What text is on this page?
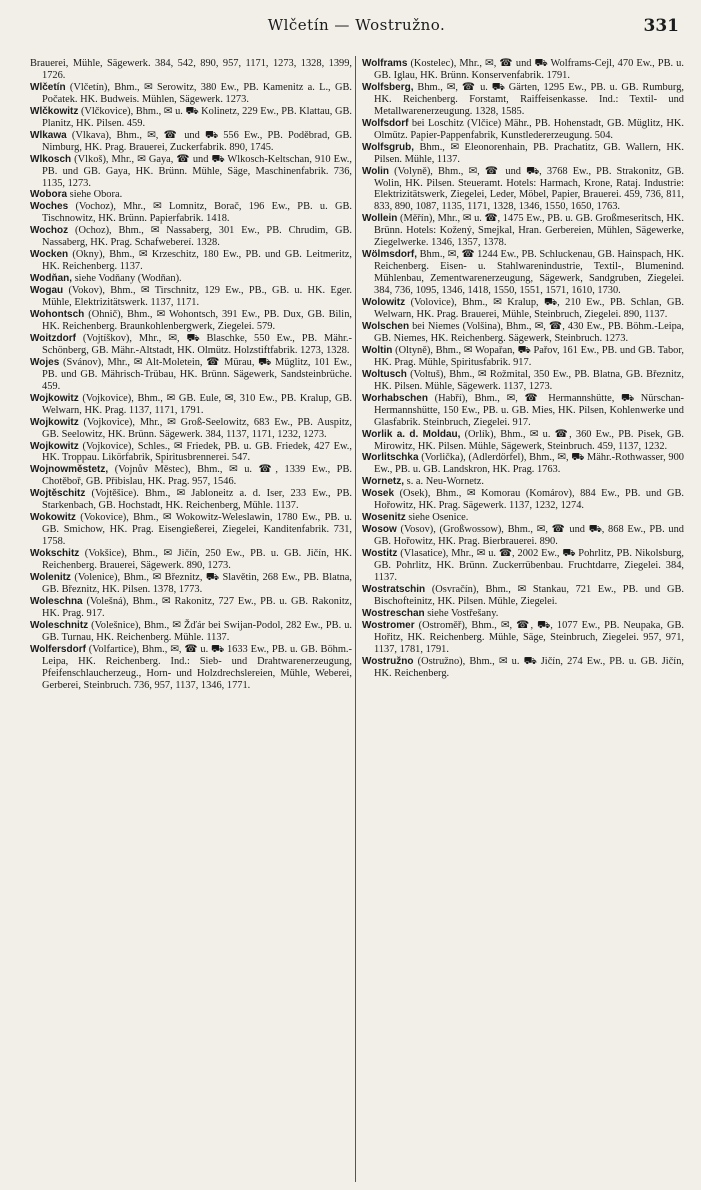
Wlčetín — Wostružno.	331

Brauerei, Mühle, Sägewerk. 384, 542, 890, 957, 1171, 1273, 1328, 1399, 1726.

Wlčetín (Vlčetín), Bhm., ✉ Serowitz, 380 Ew., PB. Kamenitz a. L., GB. Počatek. HK. Budweis. Mühlen, Sägewerk. 1273.

Wlčkowitz (Vlčkovice), Bhm., ✉ u. ⛟ Kolinetz, 229 Ew., PB. Klattau, GB. Planitz, HK. Pilsen. 459.

Wlkawa (Vlkava), Bhm., ✉, ☎ und ⛟ 556 Ew., PB. Poděbrad, GB. Nimburg, HK. Prag. Brauerei, Zuckerfabrik. 890, 1745.

Wlkosch (Vlkoš), Mhr., ✉ Gaya, ☎ und ⛟ Wlkosch-Keltschan, 910 Ew., PB. und GB. Gaya, HK. Brünn. Mühle, Säge, Maschinenfabrik. 736, 1135, 1273.

Wobora siehe Obora.

Woches (Vochoz), Mhr., ✉ Lomnitz, Borač, 196 Ew., PB. u. GB. Tischnowitz, HK. Brünn. Papierfabrik. 1418.

Wochoz (Ochoz), Bhm., ✉ Nassaberg, 301 Ew., PB. Chrudim, GB. Nassaberg, HK. Prag. Schafwebereí. 1328.

Wocken (Okny), Bhm., ✉ Krzeschitz, 180 Ew., PB. und GB. Leitmeritz, HK. Reichenberg. 1137.

Wodňan, siehe Vodňany (Wodňan).

Wogau (Vokov), Bhm., ✉ Tirschnitz, 129 Ew., PB., GB. u. HK. Eger. Mühle, Elektrizitätswerk. 1137, 1171.

Wohontsch (Ohnič), Bhm., ✉ Wohontsch, 391 Ew., PB. Dux, GB. Bilin, HK. Reichenberg. Braunkohlenbergwerk, Ziegelei. 579.

Woitzdorf (Vojtíškov), Mhr., ✉, ⛟ Blaschke, 550 Ew., PB. Mähr.-Schönberg, GB. Mähr.-Altstadt, HK. Olmütz. Holzstiftfabrik. 1273, 1328.

Wojes (Svánov), Mhr., ✉ Alt-Moletein, ☎ Mürau, ⛟ Müglitz, 101 Ew., PB. und GB. Mährisch-Trübau, HK. Brünn. Sägewerk, Sandsteinbrüche. 459.

Wojkowitz (Vojkovice), Bhm., ✉ GB. Eule, ✉, 310 Ew., PB. Kralup, GB. Welwarn, HK. Prag. 1137, 1171, 1791.

Wojkowitz (Vojkovice), Mhr., ✉ Groß-Seelowitz, 683 Ew., PB. Auspitz, GB. Seelowitz, HK. Brünn. Sägewerk. 384, 1137, 1171, 1232, 1273.

Wojkowitz (Vojkovice), Schles., ✉ Friedek, PB. u. GB. Friedek, 427 Ew., HK. Troppau. Likörfabrik, Spiritusbrennerei. 547.

Wojnowměstetz, (Vojnův Městec), Bhm., ✉ u. ☎, 1339 Ew., PB. Chotěboř, GB. Přibislau, HK. Prag. 957, 1546.

Wojtěschitz (Vojtěšice). Bhm., ✉ Jabloneitz a. d. Iser, 233 Ew., PB. Starkenbach, GB. Hochstadt, HK. Reichenberg, Mühle. 1137.

Wokowitz (Vokovice), Bhm., ✉ Wokowitz-Weleslawin, 1780 Ew., PB. u. GB. Smichow, HK. Prag. Eisengießerei, Ziegelei, Kanditenfabrik. 731, 1758.

Wokschitz (Vokšice), Bhm., ✉ Jičín, 250 Ew., PB. u. GB. Jičín, HK. Reichenberg. Brauerei, Sägewerk. 890, 1273.

Wolenitz (Volenice), Bhm., ✉ Březnitz, ⛟ Slavětin, 268 Ew., PB. Blatna, GB. Březnitz, HK. Pilsen. 1378, 1773.

Woleschna (Volešná), Bhm., ✉ Rakonitz, 727 Ew., PB. u. GB. Rakonitz, HK. Prag. 917.

Woleschnitz (Volešnice), Bhm., ✉ Žďár bei Swijan-Podol, 282 Ew., PB. u. GB. Turnau, HK. Reichenberg. Mühle. 1137.

Wolfersdorf (Volfartice), Bhm., ✉, ☎ u. ⛟ 1633 Ew., PB. u. GB. Böhm.-Leipa, HK. Reichenberg. Ind.: Sieb- und Drahtwarenerzeugung, Pfeifenschlaucherzeug., Horn- und Holzdrechslereien, Mühle, Weberei, Gerberei, Steinbruch. 736, 957, 1137, 1346, 1771.

Wolframs (Kostelec), Mhr., ✉, ☎ und ⛟ Wolframs-Cejl, 470 Ew., PB. u. GB. Iglau, HK. Brünn. Konservenfabrik. 1791.

Wolfsberg, Bhm., ✉, ☎ u. ⛟ Gärten, 1295 Ew., PB. u. GB. Rumburg, HK. Reichenberg. Forstamt, Raiffeisenkasse. Ind.: Textil- und Metallwarenerzeugung. 1328, 1585.

Wolfsdorf bei Loschitz (Vlčice) Mähr., PB. Hohenstadt, GB. Müglitz, HK. Olmütz. Papier-Pappenfabrik, Kunstledererzeugung. 504.

Wolfsgrub, Bhm., ✉ Eleonorenhain, PB. Prachatitz, GB. Wallern, HK. Pilsen. Mühle, 1137.

Wolin (Volyně), Bhm., ✉, ☎ und ⛟, 3768 Ew., PB. Strakonitz, GB. Wolin, HK. Pilsen. Steueramt. Hotels: Harmach, Krone, Rataj. Industrie: Elektrizitätswerk, Ziegelei, Leder, Möbel, Papier, Brauerei. 459, 736, 811, 833, 890, 1087, 1135, 1171, 1328, 1346, 1550, 1650, 1763.

Wollein (Měřín), Mhr., ✉ u. ☎, 1475 Ew., PB. u. GB. Großmeseritsch, HK. Brünn. Hotels: Kožený, Smejkal, Hran. Gerbereien, Mühlen, Sägewerke, Ziegelwerke. 1346, 1357, 1378.

Wölmsdorf, Bhm., ✉, ☎ 1244 Ew., PB. Schluckenau, GB. Hainspach, HK. Reichenberg. Eisen- u. Stahlwarenindustrie, Textil-, Blumenind. Mühlenbau, Zementwarenerzeugung, Sägewerk, Sandgruben, Ziegelei. 384, 736, 1095, 1346, 1418, 1550, 1551, 1571, 1610, 1730.

Wolowitz (Volovice), Bhm., ✉ Kralup, ⛟, 210 Ew., PB. Schlan, GB. Welwarn, HK. Prag. Brauerei, Mühle, Steinbruch, Ziegelei. 890, 1137.

Wolschen bei Niemes (Volšina), Bhm., ✉, ☎, 430 Ew., PB. Böhm.-Leipa, GB. Niemes, HK. Reichenberg. Sägewerk, Steinbruch. 1273.

Woltin (Oltyně), Bhm., ✉ Wopařan, ⛟ Pařov, 161 Ew., PB. und GB. Tabor, HK. Prag. Mühle, Spiritusfabrik. 917.

Woltusch (Voltuš), Bhm., ✉ Rožmital, 350 Ew., PB. Blatna, GB. Březnitz, HK. Pilsen. Mühle, Sägewerk. 1137, 1273.

Worhabschen (Habří), Bhm., ✉, ☎ Hermannshütte, ⛟ Nürschan-Hermannshütte, 150 Ew., PB. u. GB. Mies, HK. Pilsen, Kohlenwerke und Glasfabrik. Steinbruch, Ziegelei. 917.

Worlik a. d. Moldau, (Orlík), Bhm., ✉ u. ☎, 360 Ew., PB. Pisek, GB. Mirowitz, HK. Pilsen. Mühle, Sägewerk, Steinbruch. 459, 1137, 1232.

Worlitschka (Vorlička), (Adlerdörfel), Bhm., ✉, ⛟ Mähr.-Rothwasser, 900 Ew., PB. u. GB. Landskron, HK. Prag. 1763.

Wornetz, s. a. Neu-Wornetz.

Wosek (Osek), Bhm., ✉ Komorau (Komárov), 884 Ew., PB. und GB. Hořowitz, HK. Prag. Sägewerk. 1137, 1232, 1274.

Wosenitz siehe Osenice.

Wosow (Vosov), (Großwossow), Bhm., ✉, ☎ und ⛟, 868 Ew., PB. und GB. Hořowitz, HK. Prag. Bierbrauerei. 890.

Wostitz (Vlasatice), Mhr., ✉ u. ☎, 2002 Ew., ⛟ Pohrlitz, PB. Nikolsburg, GB. Pohrlitz, HK. Brünn. Zuckerrübenbau. Fruchtdarre, Ziegelei. 384, 1137.

Wostratschin (Osvračín), Bhm., ✉ Stankau, 721 Ew., PB. und GB. Bischofteinitz, HK. Pilsen. Mühle, Ziegelei.

Wostreschan siehe Vostřešany.

Wostromer (Ostroměř), Bhm., ✉, ☎, ⛟, 1077 Ew., PB. Neupaka, GB. Hořitz, HK. Reichenberg. Mühle, Säge, Steinbruch, Ziegelei. 957, 971, 1137, 1781, 1791.

Wostružno (Ostružno), Bhm., ✉ u. ⛟ Jičín, 274 Ew., PB. u. GB. Jičín, HK. Reichenberg.
